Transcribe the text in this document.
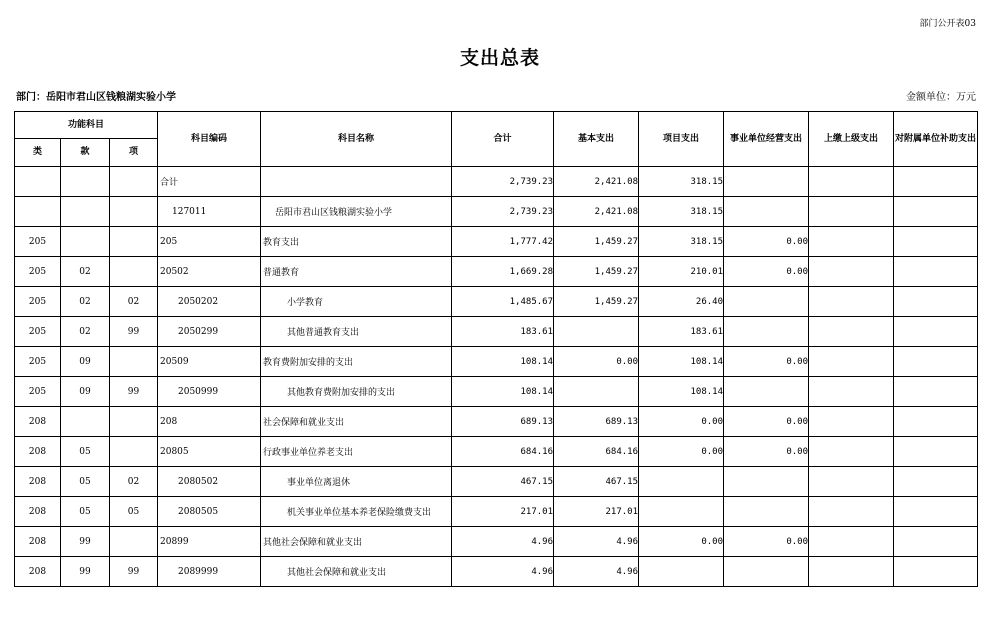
部门公开表03
支出总表
部门：岳阳市君山区钱粮湖实验小学	金额单位：万元
功能科目			科目编码	科目名称	合计	基本支出	项目支出	事业单位经营支出	上缴上级支出	对附属单位补助支出
类	款	项								
			合计		2,739.23	2,421.08	318.15			
			127011	岳阳市君山区钱粮湖实验小学	2,739.23	2,421.08	318.15			
205			205	教育支出	1,777.42	1,459.27	318.15	0.00		
205	02		20502	普通教育	1,669.28	1,459.27	210.01	0.00		
205	02	02	2050202	小学教育	1,485.67	1,459.27	26.40			
205	02	99	2050299	其他普通教育支出	183.61		183.61			
205	09		20509	教育费附加安排的支出	108.14	0.00	108.14	0.00		
205	09	99	2050999	其他教育费附加安排的支出	108.14		108.14			
208			208	社会保障和就业支出	689.13	689.13	0.00	0.00		
208	05		20805	行政事业单位养老支出	684.16	684.16	0.00	0.00		
208	05	02	2080502	事业单位离退休	467.15	467.15				
208	05	05	2080505	机关事业单位基本养老保险缴费支出	217.01	217.01				
208	99		20899	其他社会保障和就业支出	4.96	4.96	0.00	0.00		
208	99	99	2089999	其他社会保障和就业支出	4.96	4.96				
